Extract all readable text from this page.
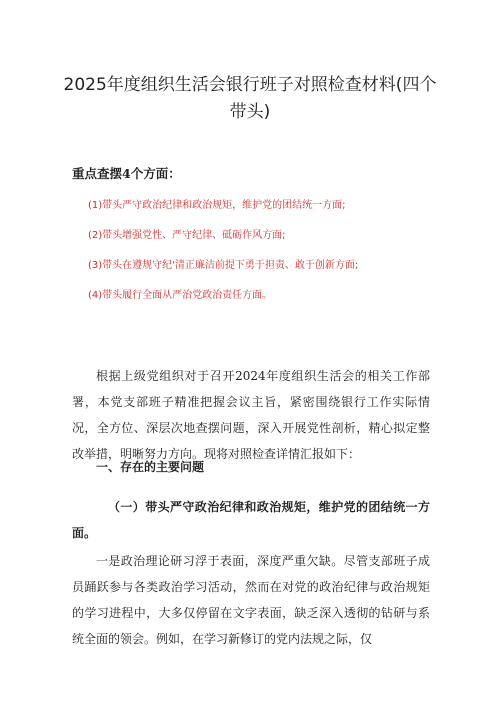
2025年度组织生活会银行班子对照检查材料(四个带头)
重点查摆4个方面：
(1)带头严守政治纪律和政治规矩，维护党的团结统一方面;
(2)带头增强党性、严守纪律、砥砺作风方面;
(3)带头在遵规守纪'清正廉洁前提下勇于担责、敢于创新方面;
(4)带头履行全面从严治党政治责任方面。

根据上级党组织对于召开2024年度组织生活会的相关工作部署，本党支部班子精准把握会议主旨，紧密围绕银行工作实际情况，全方位、深层次地查摆问题，深入开展党性剖析，精心拟定整改举措，明晰努力方向。现将对照检查详情汇报如下：

一、存在的主要问题

（一）带头严守政治纪律和政治规矩，维护党的团结统一方面。

一是政治理论研习浮于表面，深度严重欠缺。尽管支部班子成员踊跃参与各类政治学习活动，然而在对党的政治纪律与政治规矩的学习进程中，大多仅停留在文字表面，缺乏深入透彻的钻研与系统全面的领会。例如，在学习新修订的党内法规之际，仅
